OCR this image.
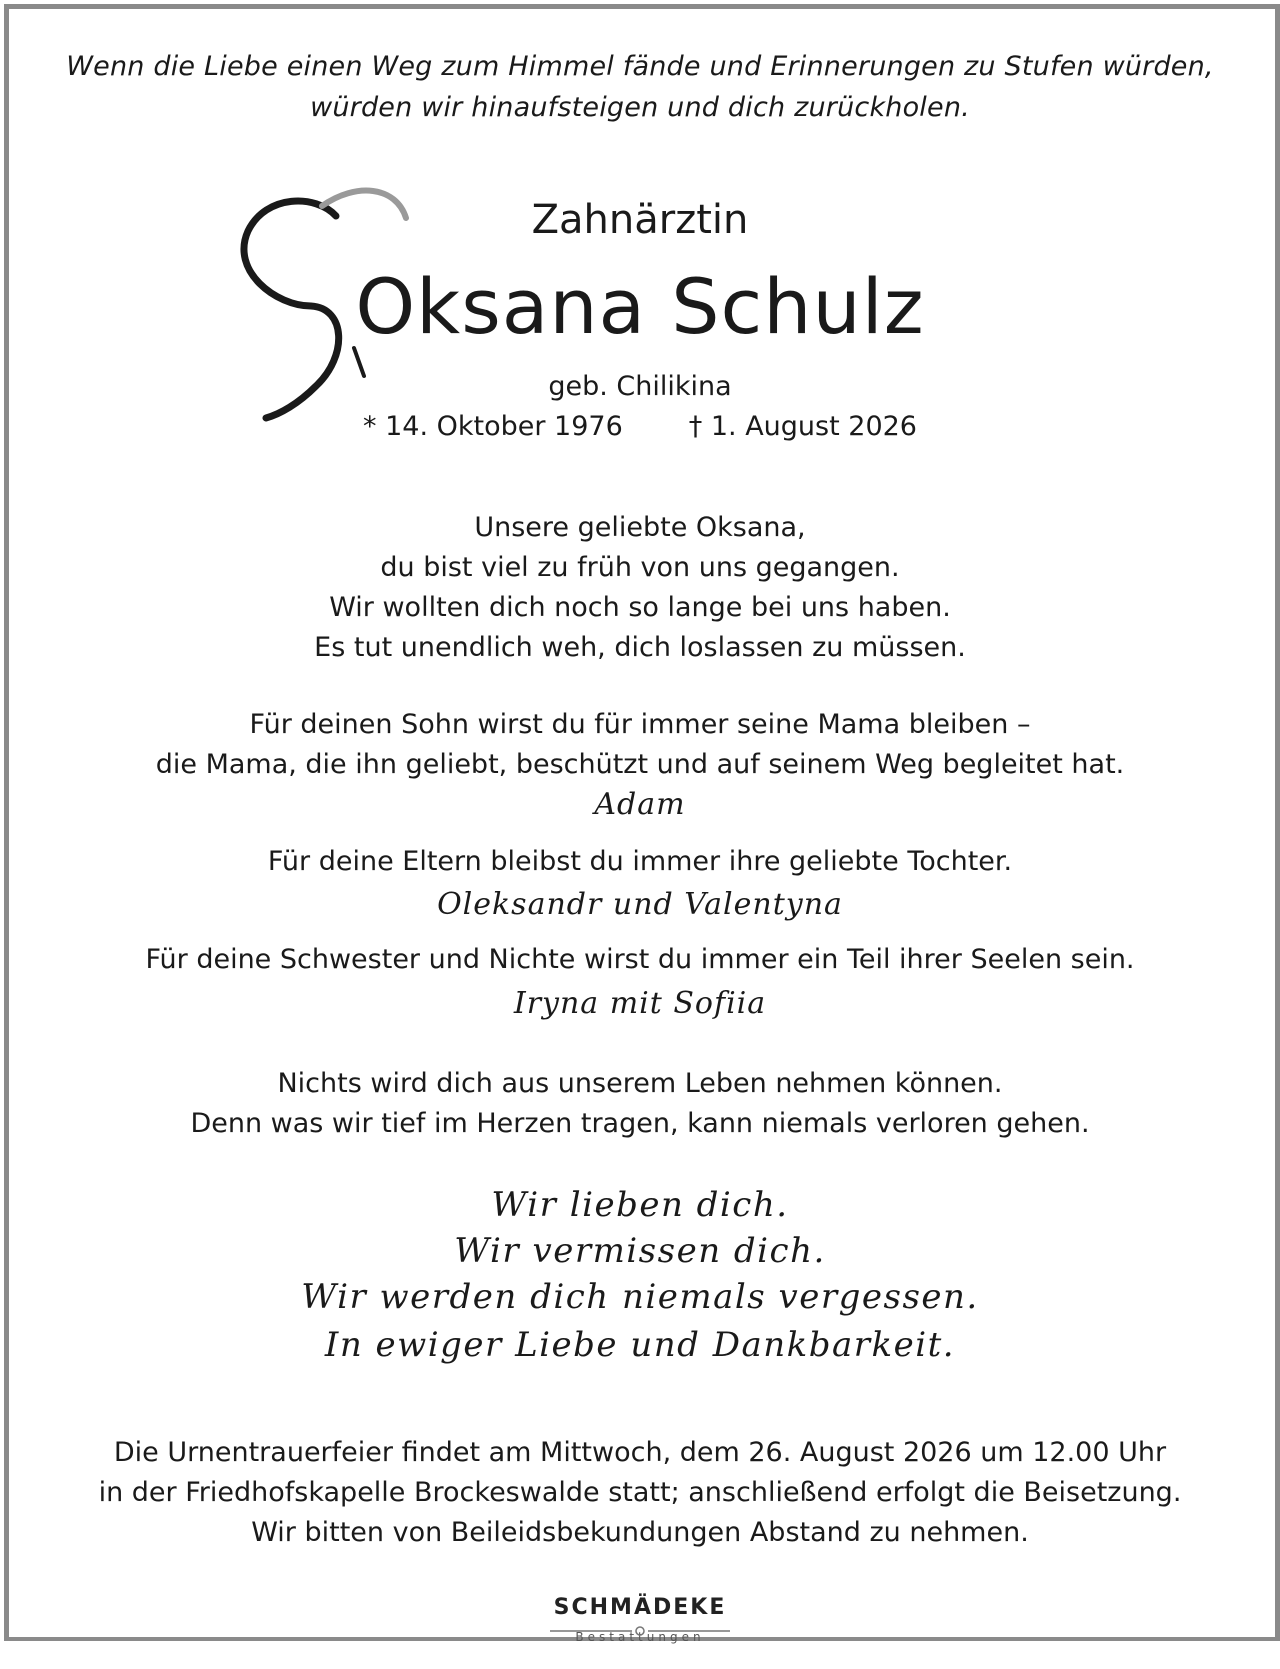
Wenn die Liebe einen Weg zum Himmel fände und Erinnerungen zu Stufen würden,
würden wir hinaufsteigen und dich zurückholen.
Zahnärztin
Oksana Schulz
geb. Chilikina
* 14. Oktober 1976 † 1. August 2026
Unsere geliebte Oksana,
du bist viel zu früh von uns gegangen.
Wir wollten dich noch so lange bei uns haben.
Es tut unendlich weh, dich loslassen zu müssen.
Für deinen Sohn wirst du für immer seine Mama bleiben –
die Mama, die ihn geliebt, beschützt und auf seinem Weg begleitet hat.
Adam
Für deine Eltern bleibst du immer ihre geliebte Tochter.
Oleksandr und Valentyna
Für deine Schwester und Nichte wirst du immer ein Teil ihrer Seelen sein.
Iryna mit Sofiia
Nichts wird dich aus unserem Leben nehmen können.
Denn was wir tief im Herzen tragen, kann niemals verloren gehen.
Wir lieben dich.
Wir vermissen dich.
Wir werden dich niemals vergessen.
In ewiger Liebe und Dankbarkeit.
Die Urnentrauerfeier findet am Mittwoch, dem 26. August 2026 um 12.00 Uhr
in der Friedhofskapelle Brockeswalde statt; anschließend erfolgt die Beisetzung.
Wir bitten von Beileidsbekundungen Abstand zu nehmen.
SCHMÄDEKE
Bestattungen
